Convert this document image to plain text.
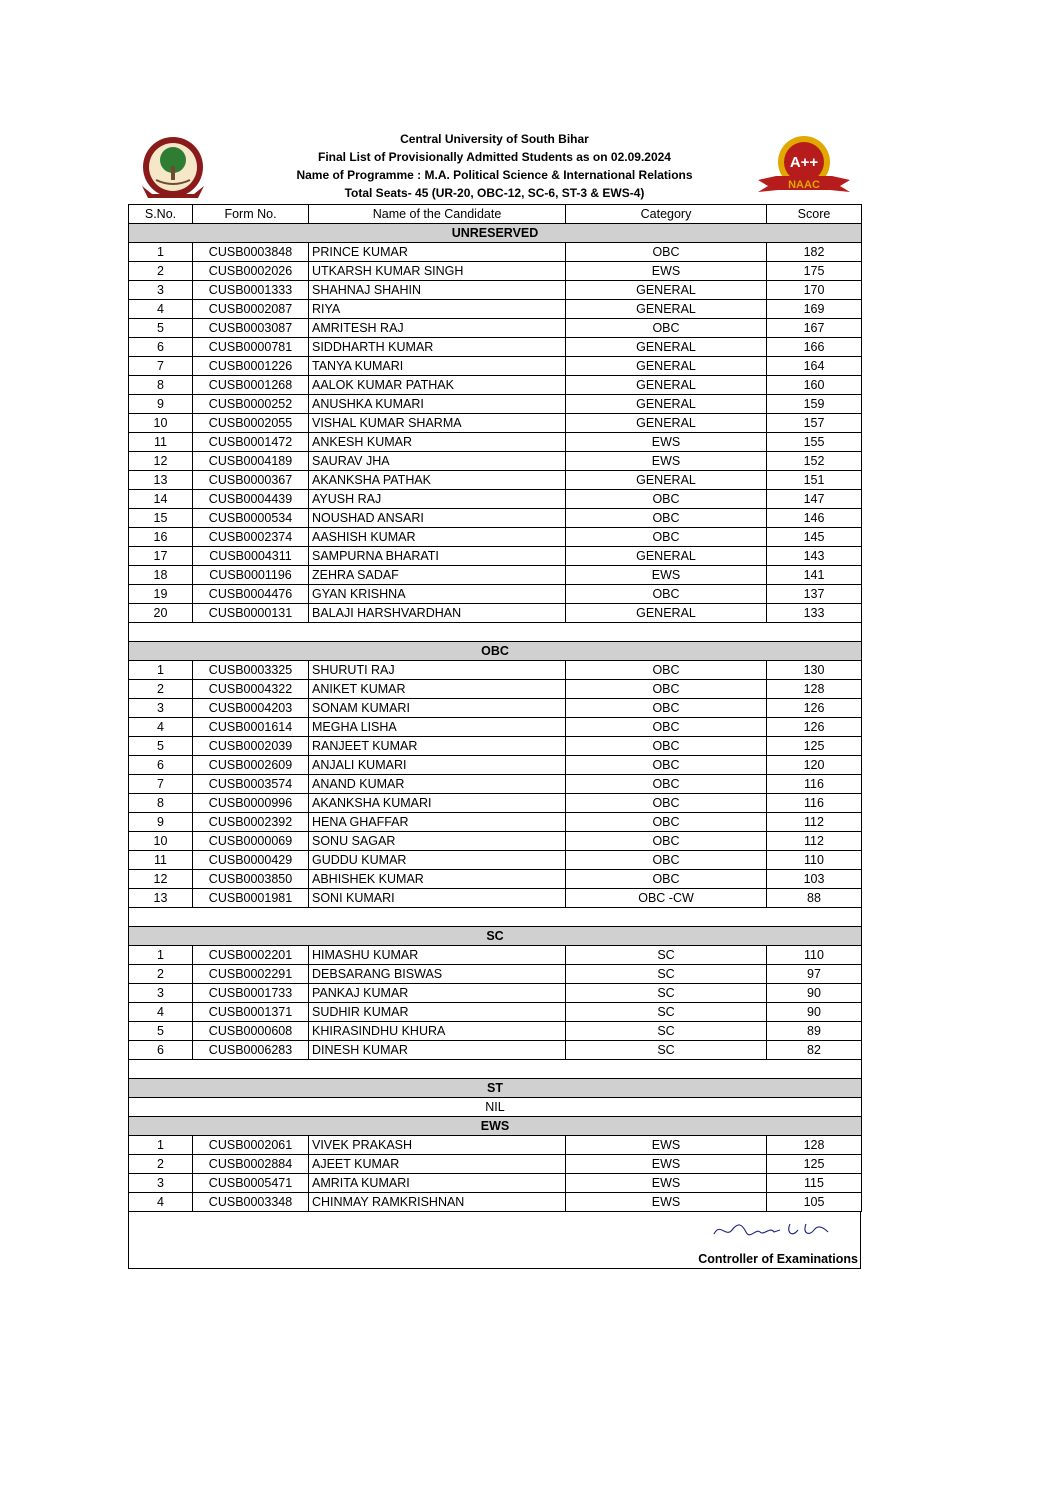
Central University of South Bihar
Final List of Provisionally Admitted Students as on 02.09.2024
Name of Programme : M.A. Political Science & International Relations
Total Seats- 45 (UR-20, OBC-12, SC-6, ST-3 & EWS-4)
A++
NAAC
S.No.	Form No.	Name of the Candidate	Category	Score
UNRESERVED				
1	CUSB0003848	PRINCE KUMAR	OBC	182
2	CUSB0002026	UTKARSH KUMAR SINGH	EWS	175
3	CUSB0001333	SHAHNAJ SHAHIN	GENERAL	170
4	CUSB0002087	RIYA	GENERAL	169
5	CUSB0003087	AMRITESH RAJ	OBC	167
6	CUSB0000781	SIDDHARTH KUMAR	GENERAL	166
7	CUSB0001226	TANYA KUMARI	GENERAL	164
8	CUSB0001268	AALOK KUMAR PATHAK	GENERAL	160
9	CUSB0000252	ANUSHKA KUMARI	GENERAL	159
10	CUSB0002055	VISHAL KUMAR SHARMA	GENERAL	157
11	CUSB0001472	ANKESH KUMAR	EWS	155
12	CUSB0004189	SAURAV JHA	EWS	152
13	CUSB0000367	AKANKSHA PATHAK	GENERAL	151
14	CUSB0004439	AYUSH RAJ	OBC	147
15	CUSB0000534	NOUSHAD ANSARI	OBC	146
16	CUSB0002374	AASHISH KUMAR	OBC	145
17	CUSB0004311	SAMPURNA BHARATI	GENERAL	143
18	CUSB0001196	ZEHRA SADAF	EWS	141
19	CUSB0004476	GYAN KRISHNA	OBC	137
20	CUSB0000131	BALAJI HARSHVARDHAN	GENERAL	133

OBC				
1	CUSB0003325	SHURUTI RAJ	OBC	130
2	CUSB0004322	ANIKET KUMAR	OBC	128
3	CUSB0004203	SONAM KUMARI	OBC	126
4	CUSB0001614	MEGHA LISHA	OBC	126
5	CUSB0002039	RANJEET KUMAR	OBC	125
6	CUSB0002609	ANJALI KUMARI	OBC	120
7	CUSB0003574	ANAND KUMAR	OBC	116
8	CUSB0000996	AKANKSHA KUMARI	OBC	116
9	CUSB0002392	HENA GHAFFAR	OBC	112
10	CUSB0000069	SONU SAGAR	OBC	112
11	CUSB0000429	GUDDU KUMAR	OBC	110
12	CUSB0003850	ABHISHEK KUMAR	OBC	103
13	CUSB0001981	SONI KUMARI	OBC -CW	88

SC				
1	CUSB0002201	HIMASHU KUMAR	SC	110
2	CUSB0002291	DEBSARANG BISWAS	SC	97
3	CUSB0001733	PANKAJ KUMAR	SC	90
4	CUSB0001371	SUDHIR KUMAR	SC	90
5	CUSB0000608	KHIRASINDHU KHURA	SC	89
6	CUSB0006283	DINESH KUMAR	SC	82

ST				
NIL				
EWS				
1	CUSB0002061	VIVEK PRAKASH	EWS	128
2	CUSB0002884	AJEET KUMAR	EWS	125
3	CUSB0005471	AMRITA KUMARI	EWS	115
4	CUSB0003348	CHINMAY RAMKRISHNAN	EWS	105
Controller of Examinations
